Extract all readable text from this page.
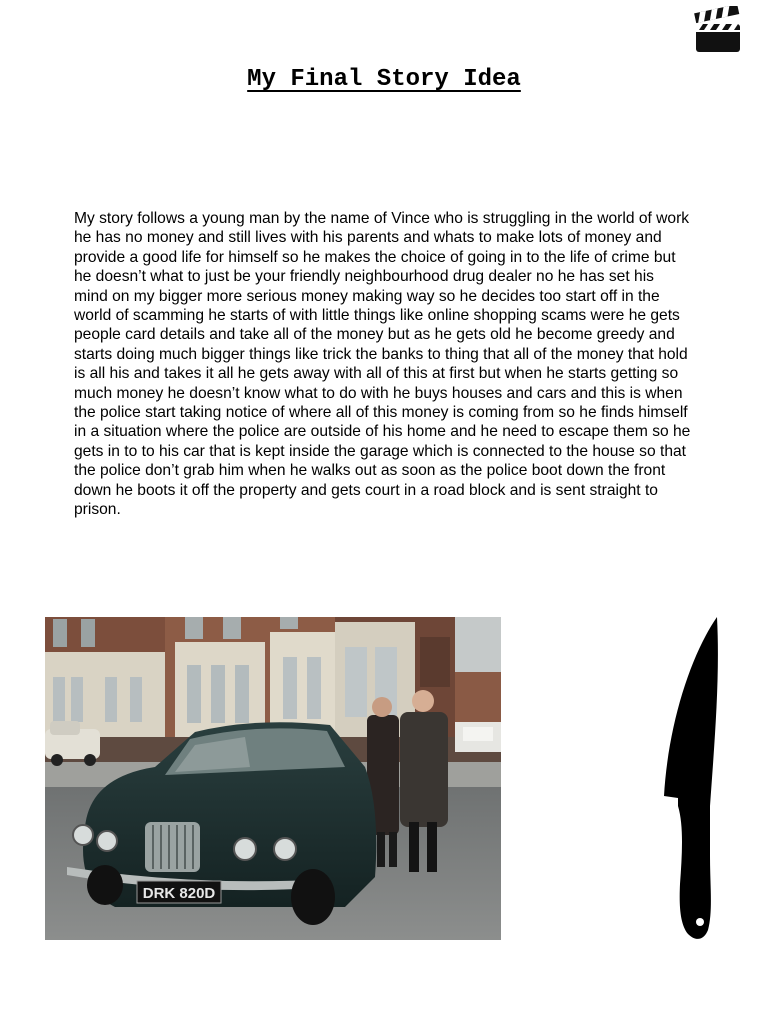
My Final Story Idea

My story follows a young man by the name of Vince who is struggling in the world of work he has no money and still lives with his parents and whats to make lots of money and provide a good life for himself so he makes the choice of going in to the life of crime but he doesn’t what to just be your friendly neighbourhood drug dealer no he has set his mind on my bigger more serious money making way so he decides too start off in the world of scamming he starts of with little things like online shopping scams were he gets people card details and take all of the money but as he gets old he become greedy and starts doing much bigger things like trick the banks to thing that all of the money that hold is all his and takes it all he gets away with all of this at first but when he starts getting so much money he doesn’t know what to do with he buys houses and cars and this is when the police start taking notice of where all of this money is coming from so he finds himself in a situation where the police are outside of his home and he need to escape them so he gets in to to his car that is kept inside the garage which is connected to the house so that the police don’t grab him when he walks out as soon as the police boot down the front down he boots it off the property and gets court in a road block and is sent straight to prison.

DRK 820D
